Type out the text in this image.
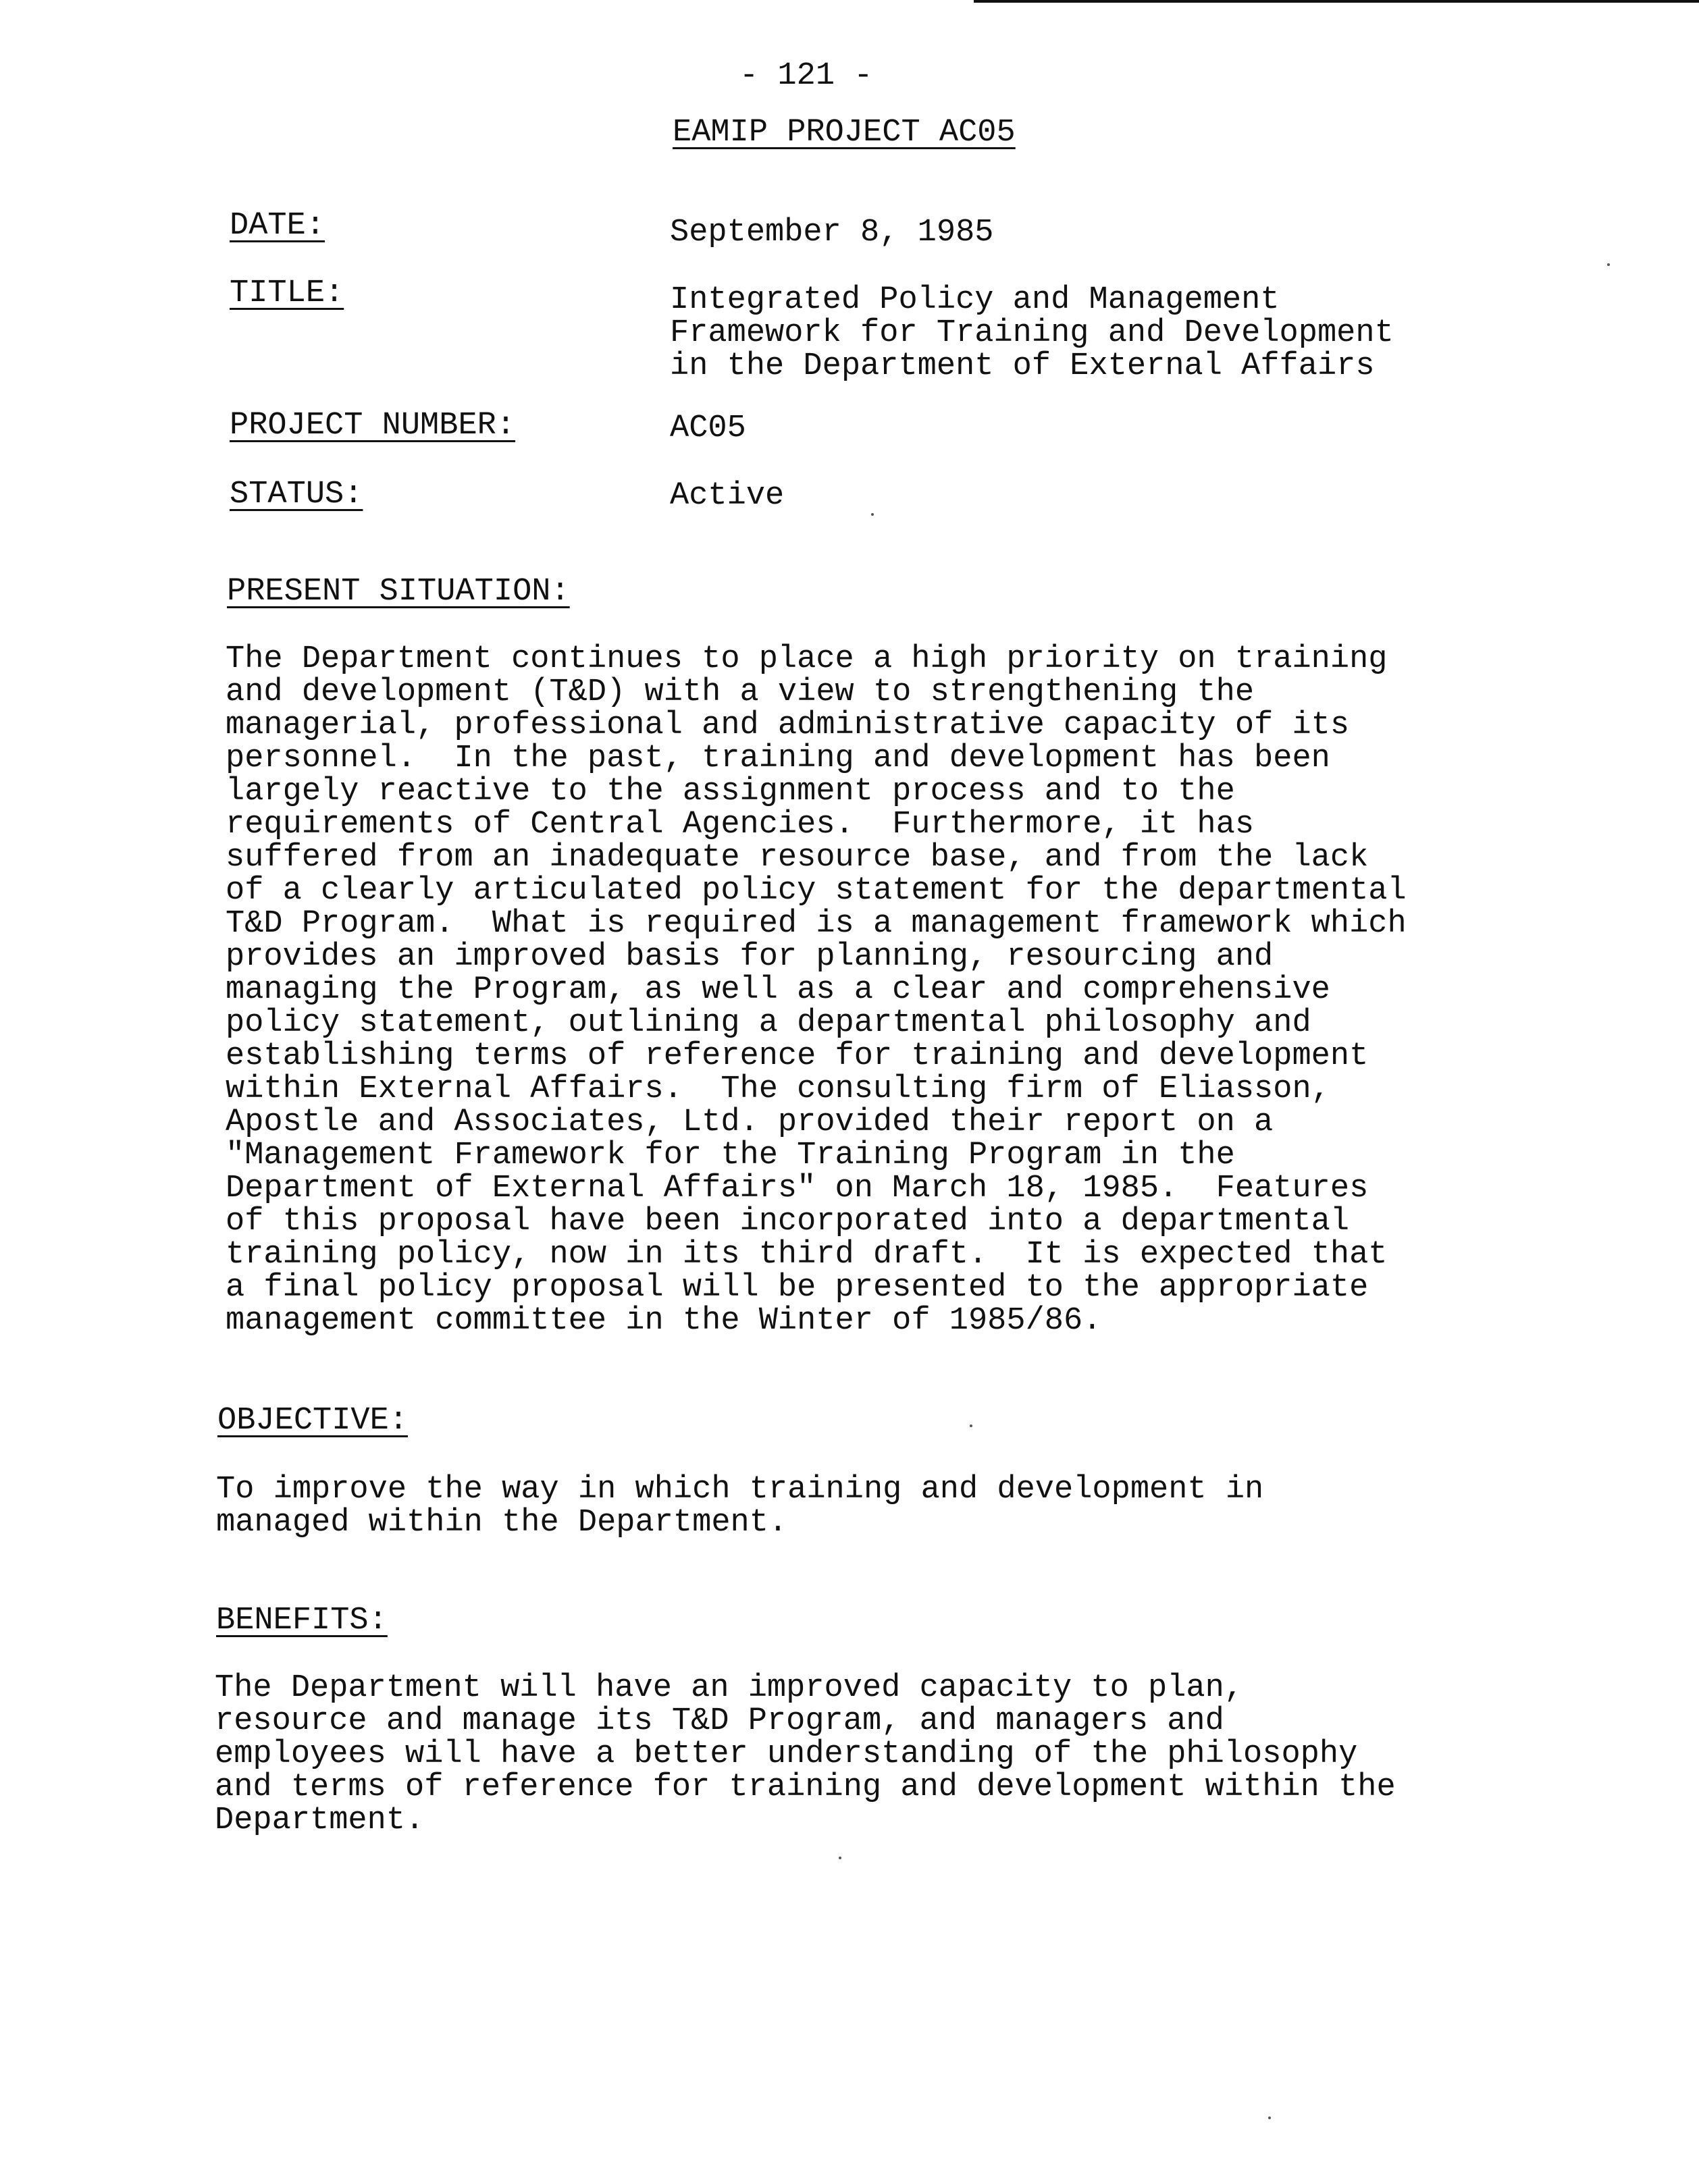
- 121 -
EAMIP PROJECT AC05
DATE:	September 8, 1985
TITLE:	Integrated Policy and Management
Framework for Training and Development
in the Department of External Affairs
PROJECT NUMBER:	AC05
STATUS:	Active
PRESENT SITUATION:
The Department continues to place a high priority on training
and development (T&D) with a view to strengthening the
managerial, professional and administrative capacity of its
personnel.  In the past, training and development has been
largely reactive to the assignment process and to the
requirements of Central Agencies.  Furthermore, it has
suffered from an inadequate resource base, and from the lack
of a clearly articulated policy statement for the departmental
T&D Program.  What is required is a management framework which
provides an improved basis for planning, resourcing and
managing the Program, as well as a clear and comprehensive
policy statement, outlining a departmental philosophy and
establishing terms of reference for training and development
within External Affairs.  The consulting firm of Eliasson,
Apostle and Associates, Ltd. provided their report on a
"Management Framework for the Training Program in the
Department of External Affairs" on March 18, 1985.  Features
of this proposal have been incorporated into a departmental
training policy, now in its third draft.  It is expected that
a final policy proposal will be presented to the appropriate
management committee in the Winter of 1985/86.
OBJECTIVE:
To improve the way in which training and development in
managed within the Department.
BENEFITS:
The Department will have an improved capacity to plan,
resource and manage its T&D Program, and managers and
employees will have a better understanding of the philosophy
and terms of reference for training and development within the
Department.
